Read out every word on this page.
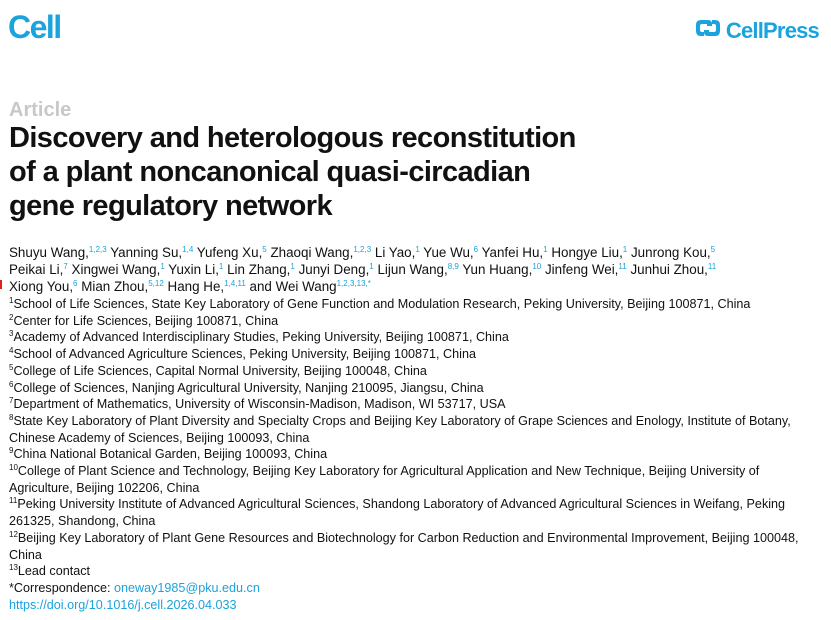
Cell	CellPress
Article
Discovery and heterologous reconstitution
of a plant noncanonical quasi-circadian
gene regulatory network

Shuyu Wang,$^{1,2,3}$ Yanning Su,$^{1,4}$ Yufeng Xu,$^5$ Zhaoqi Wang,$^{1,2,3}$ Li Yao,$^1$ Yue Wu,$^6$ Yanfei Hu,$^1$ Hongye Liu,$^1$ Junrong Kou,$^5$
Peikai Li,$^7$ Xingwei Wang,$^1$ Yuxin Li,$^1$ Lin Zhang,$^1$ Junyi Deng,$^1$ Lijun Wang,$^{8,9}$ Yun Huang,$^{10}$ Jinfeng Wei,$^{11}$ Junhui Zhou,$^{11}$
Xiong You,$^6$ Mian Zhou,$^{5,12}$ Hang He,$^{1,4,11}$ and Wei Wang$^{1,2,3,13,*}$

$^1$School of Life Sciences, State Key Laboratory of Gene Function and Modulation Research, Peking University, Beijing 100871, China
$^2$Center for Life Sciences, Beijing 100871, China
$^3$Academy of Advanced Interdisciplinary Studies, Peking University, Beijing 100871, China
$^4$School of Advanced Agriculture Sciences, Peking University, Beijing 100871, China
$^5$College of Life Sciences, Capital Normal University, Beijing 100048, China
$^6$College of Sciences, Nanjing Agricultural University, Nanjing 210095, Jiangsu, China
$^7$Department of Mathematics, University of Wisconsin-Madison, Madison, WI 53717, USA
$^8$State Key Laboratory of Plant Diversity and Specialty Crops and Beijing Key Laboratory of Grape Sciences and Enology, Institute of Botany, Chinese Academy of Sciences, Beijing 100093, China
$^9$China National Botanical Garden, Beijing 100093, China
$^{10}$College of Plant Science and Technology, Beijing Key Laboratory for Agricultural Application and New Technique, Beijing University of Agriculture, Beijing 102206, China
$^{11}$Peking University Institute of Advanced Agricultural Sciences, Shandong Laboratory of Advanced Agricultural Sciences in Weifang, Peking 261325, Shandong, China
$^{12}$Beijing Key Laboratory of Plant Gene Resources and Biotechnology for Carbon Reduction and Environmental Improvement, Beijing 100048, China
$^{13}$Lead contact
*Correspondence: oneway1985@pku.edu.cn
https://doi.org/10.1016/j.cell.2026.04.033
